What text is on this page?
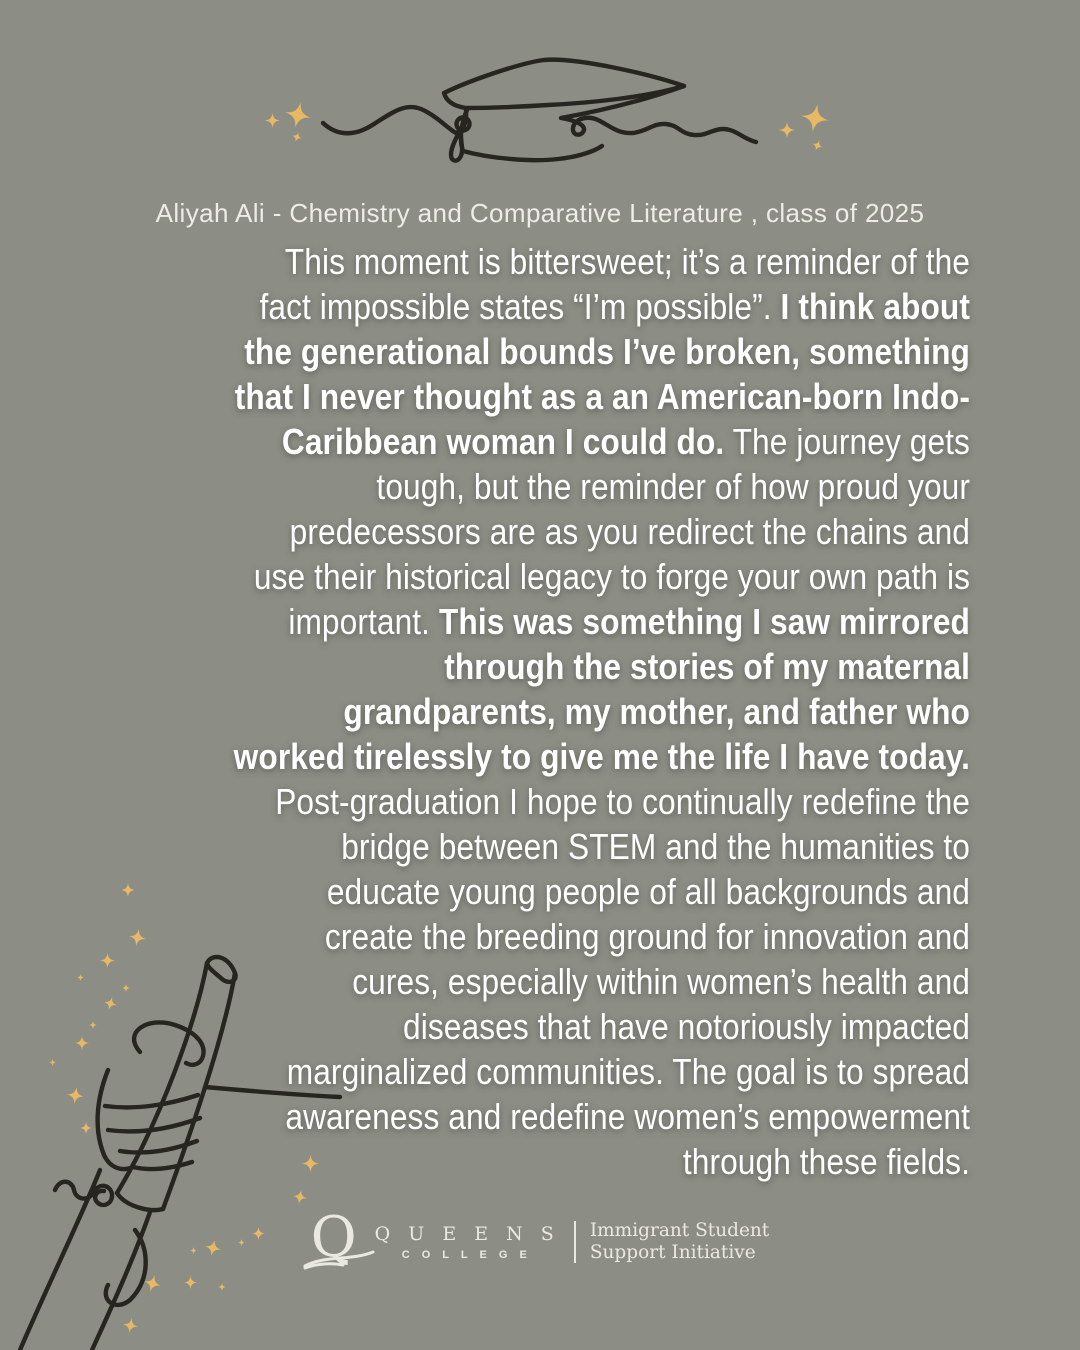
Aliyah Ali - Chemistry and Comparative Literature , class of 2025
This moment is bittersweet; it’s a reminder of the fact impossible states “I’m possible”. I think about the generational bounds I’ve broken, something that I never thought as a an American-born Indo-Caribbean woman I could do. The journey gets tough, but the reminder of how proud your predecessors are as you redirect the chains and use their historical legacy to forge your own path is important. This was something I saw mirrored through the stories of my maternal grandparents, my mother, and father who worked tirelessly to give me the life I have today. Post-graduation I hope to continually redefine the bridge between STEM and the humanities to educate young people of all backgrounds and create the breeding ground for innovation and cures, especially within women’s health and diseases that have notoriously impacted marginalized communities. The goal is to spread awareness and redefine women’s empowerment through these fields.
Q Q U E E N S
C O L L E G E
Immigrant Student
Support Initiative
